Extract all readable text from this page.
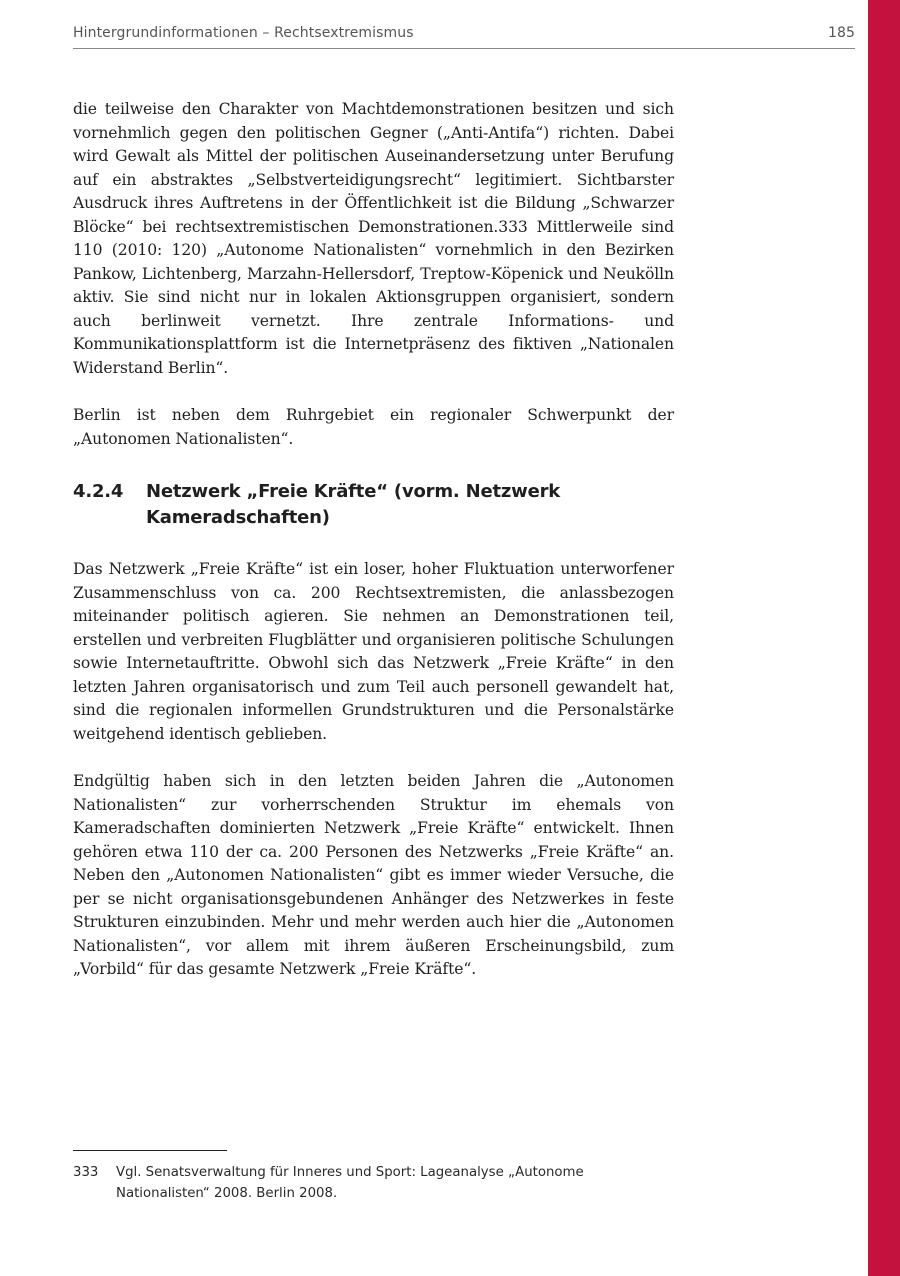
Hintergrundinformationen – Rechtsextremismus	185

die teilweise den Charakter von Machtdemonstrationen besitzen und sich vornehmlich gegen den politischen Gegner („Anti-Antifa“) richten. Dabei wird Gewalt als Mittel der politischen Auseinandersetzung unter Berufung auf ein abstraktes „Selbstverteidigungsrecht“ legitimiert. Sichtbarster Ausdruck ihres Auftretens in der Öffentlichkeit ist die Bildung „Schwarzer Blöcke“ bei rechtsextremistischen Demonstrationen.333 Mittlerweile sind 110 (2010: 120) „Autonome Nationalisten“ vornehmlich in den Bezirken Pankow, Lichtenberg, Marzahn-Hellersdorf, Treptow-Köpenick und Neukölln aktiv. Sie sind nicht nur in lokalen Aktionsgruppen organisiert, sondern auch berlinweit vernetzt. Ihre zentrale Informations- und Kommunikationsplattform ist die Internetpräsenz des fiktiven „Nationalen Widerstand Berlin“.

Berlin ist neben dem Ruhrgebiet ein regionaler Schwerpunkt der „Autonomen Nationalisten“.

4.2.4	Netzwerk „Freie Kräfte“ (vorm. Netzwerk Kameradschaften)

Das Netzwerk „Freie Kräfte“ ist ein loser, hoher Fluktuation unterworfener Zusammenschluss von ca. 200 Rechtsextremisten, die anlassbezogen miteinander politisch agieren. Sie nehmen an Demonstrationen teil, erstellen und verbreiten Flugblätter und organisieren politische Schulungen sowie Internetauftritte. Obwohl sich das Netzwerk „Freie Kräfte“ in den letzten Jahren organisatorisch und zum Teil auch personell gewandelt hat, sind die regionalen informellen Grundstrukturen und die Personalstärke weitgehend identisch geblieben.

Endgültig haben sich in den letzten beiden Jahren die „Autonomen Nationalisten“ zur vorherrschenden Struktur im ehemals von Kameradschaften dominierten Netzwerk „Freie Kräfte“ entwickelt. Ihnen gehören etwa 110 der ca. 200 Personen des Netzwerks „Freie Kräfte“ an. Neben den „Autonomen Nationalisten“ gibt es immer wieder Versuche, die per se nicht organisationsgebundenen Anhänger des Netzwerkes in feste Strukturen einzubinden. Mehr und mehr werden auch hier die „Autonomen Nationalisten“, vor allem mit ihrem äußeren Erscheinungsbild, zum „Vorbild“ für das gesamte Netzwerk „Freie Kräfte“.

333	Vgl. Senatsverwaltung für Inneres und Sport: Lageanalyse „Autonome Nationalisten“ 2008. Berlin 2008.
